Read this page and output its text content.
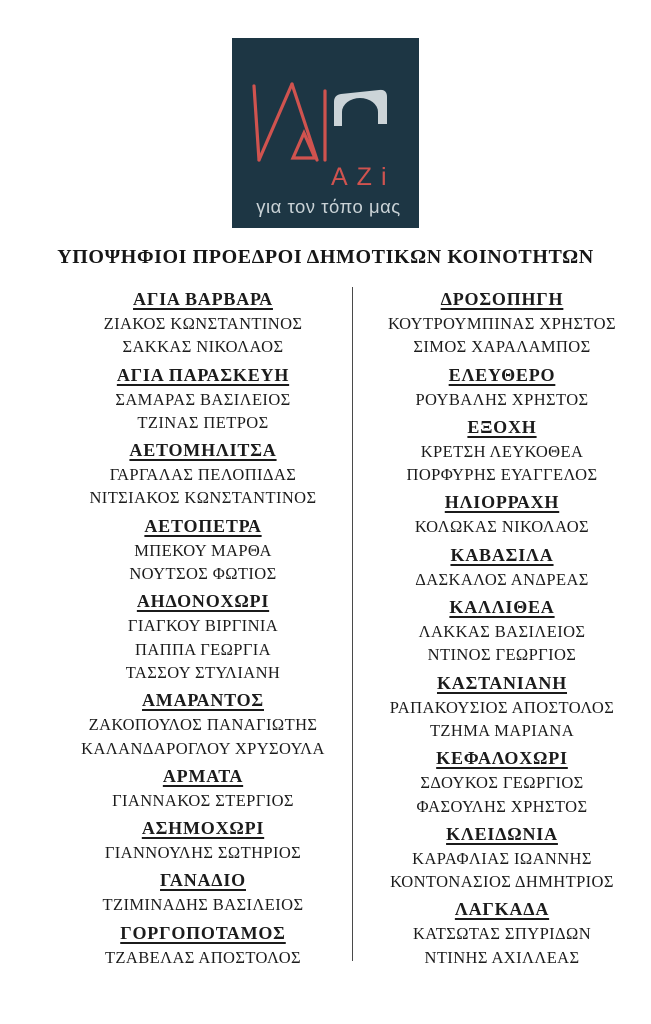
ΑΖi
για τον τόπο μας
ΥΠΟΨΗΦΙΟΙ ΠΡΟΕΔΡΟΙ ΔΗΜΟΤΙΚΩΝ ΚΟΙΝΟΤΗΤΩΝ
ΑΓΙΑ ΒΑΡΒΑΡΑ

ΖΙΑΚΟΣ ΚΩΝΣΤΑΝΤΙΝΟΣ

ΣΑΚΚΑΣ ΝΙΚΟΛΑΟΣ

ΑΓΙΑ ΠΑΡΑΣΚΕΥΗ

ΣΑΜΑΡΑΣ ΒΑΣΙΛΕΙΟΣ

ΤΖΙΝΑΣ ΠΕΤΡΟΣ

ΑΕΤΟΜΗΛΙΤΣΑ

ΓΑΡΓΑΛΑΣ ΠΕΛΟΠΙΔΑΣ

ΝΙΤΣΙΑΚΟΣ ΚΩΝΣΤΑΝΤΙΝΟΣ

ΑΕΤΟΠΕΤΡΑ

ΜΠΕΚΟΥ ΜΑΡΘΑ

ΝΟΥΤΣΟΣ ΦΩΤΙΟΣ

ΑΗΔΟΝΟΧΩΡΙ

ΓΙΑΓΚΟΥ ΒΙΡΓΙΝΙΑ

ΠΑΠΠΑ ΓΕΩΡΓΙΑ

ΤΑΣΣΟΥ ΣΤΥΛΙΑΝΗ

ΑΜΑΡΑΝΤΟΣ

ΖΑΚΟΠΟΥΛΟΣ ΠΑΝΑΓΙΩΤΗΣ

ΚΑΛΑΝΔΑΡΟΓΛΟΥ ΧΡΥΣΟΥΛΑ

ΑΡΜΑΤΑ

ΓΙΑΝΝΑΚΟΣ ΣΤΕΡΓΙΟΣ

ΑΣΗΜΟΧΩΡΙ

ΓΙΑΝΝΟΥΛΗΣ ΣΩΤΗΡΙΟΣ

ΓΑΝΑΔΙΟ

ΤΖΙΜΙΝΑΔΗΣ ΒΑΣΙΛΕΙΟΣ

ΓΟΡΓΟΠΟΤΑΜΟΣ

ΤΖΑΒΕΛΑΣ ΑΠΟΣΤΟΛΟΣ

ΔΡΟΣΟΠΗΓΗ

ΚΟΥΤΡΟΥΜΠΙΝΑΣ ΧΡΗΣΤΟΣ

ΣΙΜΟΣ ΧΑΡΑΛΑΜΠΟΣ

ΕΛΕΥΘΕΡΟ

ΡΟΥΒΑΛΗΣ ΧΡΗΣΤΟΣ

ΕΞΟΧΗ

ΚΡΕΤΣΗ ΛΕΥΚΟΘΕΑ

ΠΟΡΦΥΡΗΣ ΕΥΑΓΓΕΛΟΣ

ΗΛΙΟΡΡΑΧΗ

ΚΟΛΩΚΑΣ ΝΙΚΟΛΑΟΣ

ΚΑΒΑΣΙΛΑ

ΔΑΣΚΑΛΟΣ ΑΝΔΡΕΑΣ

ΚΑΛΛΙΘΕΑ

ΛΑΚΚΑΣ ΒΑΣΙΛΕΙΟΣ

ΝΤΙΝΟΣ ΓΕΩΡΓΙΟΣ

ΚΑΣΤΑΝΙΑΝΗ

ΡΑΠΑΚΟΥΣΙΟΣ ΑΠΟΣΤΟΛΟΣ

ΤΖΗΜΑ ΜΑΡΙΑΝΑ

ΚΕΦΑΛΟΧΩΡΙ

ΣΔΟΥΚΟΣ ΓΕΩΡΓΙΟΣ

ΦΑΣΟΥΛΗΣ ΧΡΗΣΤΟΣ

ΚΛΕΙΔΩΝΙΑ

ΚΑΡΑΦΛΙΑΣ ΙΩΑΝΝΗΣ

ΚΟΝΤΟΝΑΣΙΟΣ ΔΗΜΗΤΡΙΟΣ

ΛΑΓΚΑΔΑ

ΚΑΤΣΩΤΑΣ ΣΠΥΡΙΔΩΝ

ΝΤΙΝΗΣ ΑΧΙΛΛΕΑΣ
